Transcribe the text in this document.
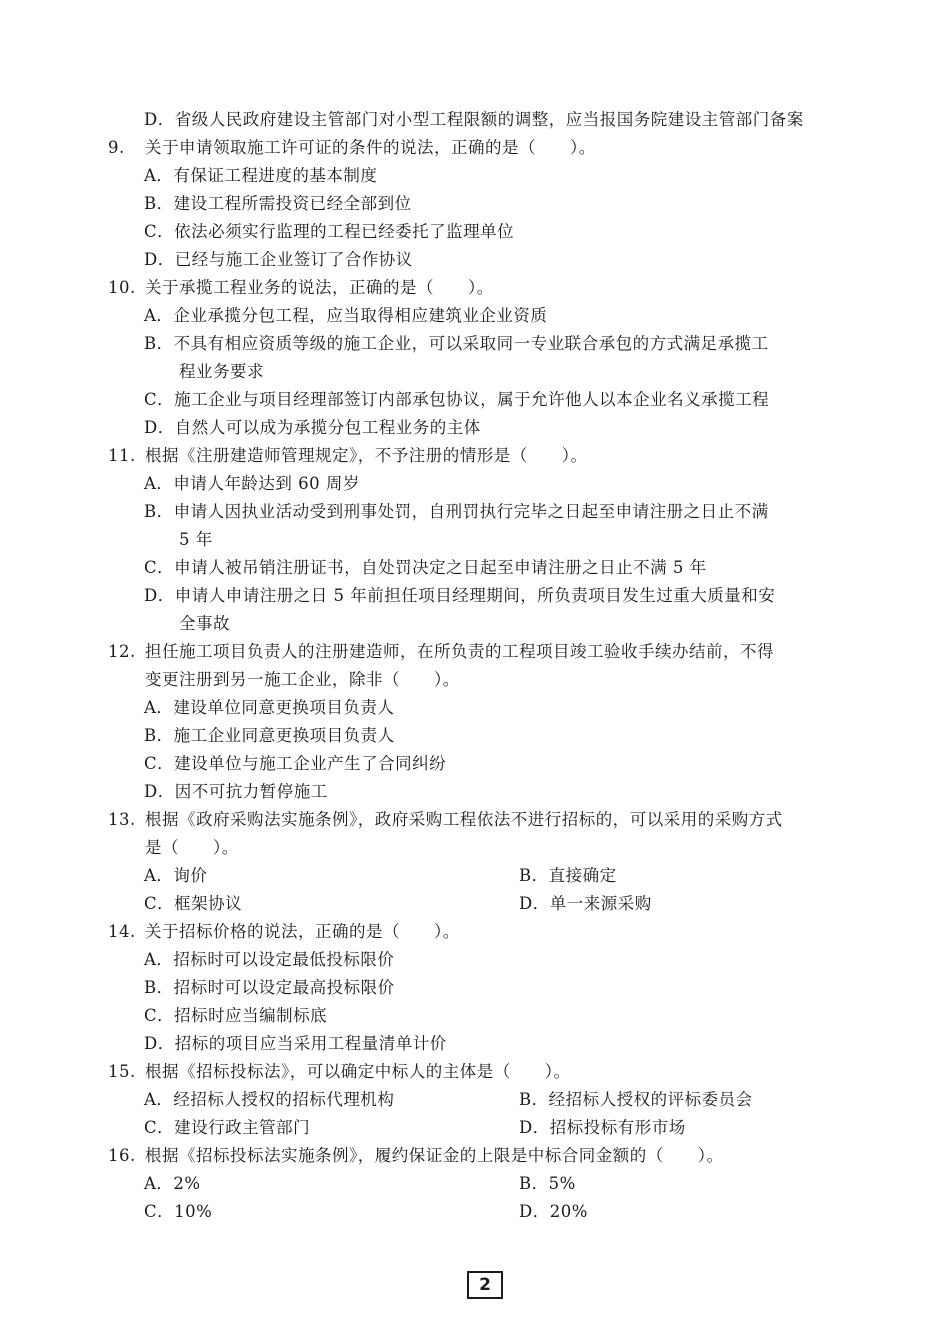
D．省级人民政府建设主管部门对小型工程限额的调整，应当报国务院建设主管部门备案
9. 关于申请领取施工许可证的条件的说法，正确的是（　　）。
A．有保证工程进度的基本制度
B．建设工程所需投资已经全部到位
C．依法必须实行监理的工程已经委托了监理单位
D．已经与施工企业签订了合作协议
10. 关于承揽工程业务的说法，正确的是（　　）。
A．企业承揽分包工程，应当取得相应建筑业企业资质
B．不具有相应资质等级的施工企业，可以采取同一专业联合承包的方式满足承揽工
程业务要求
C．施工企业与项目经理部签订内部承包协议，属于允许他人以本企业名义承揽工程
D．自然人可以成为承揽分包工程业务的主体
11. 根据《注册建造师管理规定》，不予注册的情形是（　　）。
A．申请人年龄达到 60 周岁
B．申请人因执业活动受到刑事处罚，自刑罚执行完毕之日起至申请注册之日止不满
5 年
C．申请人被吊销注册证书，自处罚决定之日起至申请注册之日止不满 5 年
D．申请人申请注册之日 5 年前担任项目经理期间，所负责项目发生过重大质量和安
全事故
12. 担任施工项目负责人的注册建造师，在所负责的工程项目竣工验收手续办结前，不得
变更注册到另一施工企业，除非（　　）。
A．建设单位同意更换项目负责人
B．施工企业同意更换项目负责人
C．建设单位与施工企业产生了合同纠纷
D．因不可抗力暂停施工
13. 根据《政府采购法实施条例》，政府采购工程依法不进行招标的，可以采用的采购方式
是（　　）。
A．询价	B．直接确定
C．框架协议	D．单一来源采购
14. 关于招标价格的说法，正确的是（　　）。
A．招标时可以设定最低投标限价
B．招标时可以设定最高投标限价
C．招标时应当编制标底
D．招标的项目应当采用工程量清单计价
15. 根据《招标投标法》，可以确定中标人的主体是（　　）。
A．经招标人授权的招标代理机构	B．经招标人授权的评标委员会
C．建设行政主管部门	D．招标投标有形市场
16. 根据《招标投标法实施条例》，履约保证金的上限是中标合同金额的（　　）。
A．2%	B．5%
C．10%	D．20%
2
